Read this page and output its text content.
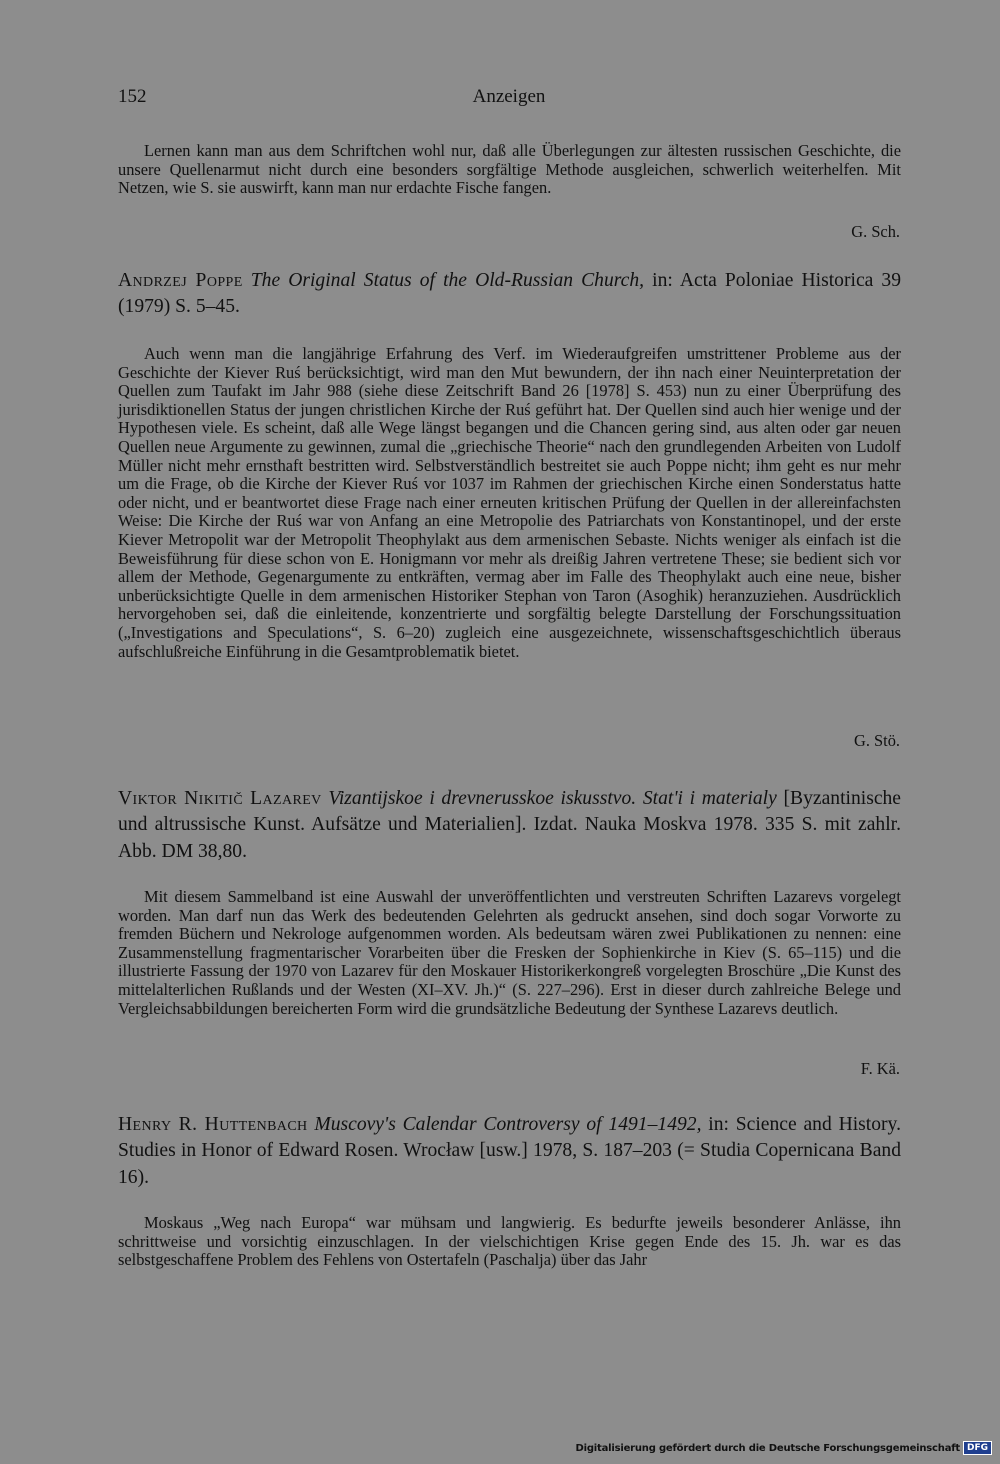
152	Anzeigen

Lernen kann man aus dem Schriftchen wohl nur, daß alle Überlegungen zur ältesten russischen Geschichte, die unsere Quellenarmut nicht durch eine besonders sorgfältige Methode ausgleichen, schwerlich weiterhelfen. Mit Netzen, wie S. sie auswirft, kann man nur erdachte Fische fangen.

G. Sch.

Andrzej Poppe The Original Status of the Old-Russian Church, in: Acta Poloniae Historica 39 (1979) S. 5–45.

Auch wenn man die langjährige Erfahrung des Verf. im Wiederaufgreifen umstrittener Probleme aus der Geschichte der Kiever Ruś berücksichtigt, wird man den Mut bewundern, der ihn nach einer Neuinterpretation der Quellen zum Taufakt im Jahr 988 (siehe diese Zeitschrift Band 26 [1978] S. 453) nun zu einer Überprüfung des jurisdiktionellen Status der jungen christlichen Kirche der Ruś geführt hat. Der Quellen sind auch hier wenige und der Hypothesen viele. Es scheint, daß alle Wege längst begangen und die Chancen gering sind, aus alten oder gar neuen Quellen neue Argumente zu gewinnen, zumal die „griechische Theorie“ nach den grundlegenden Arbeiten von Ludolf Müller nicht mehr ernsthaft bestritten wird. Selbstverständlich bestreitet sie auch Poppe nicht; ihm geht es nur mehr um die Frage, ob die Kirche der Kiever Ruś vor 1037 im Rahmen der griechischen Kirche einen Sonderstatus hatte oder nicht, und er beantwortet diese Frage nach einer erneuten kritischen Prüfung der Quellen in der allereinfachsten Weise: Die Kirche der Ruś war von Anfang an eine Metropolie des Patriarchats von Konstantinopel, und der erste Kiever Metropolit war der Metropolit Theophylakt aus dem armenischen Sebaste. Nichts weniger als einfach ist die Beweisführung für diese schon von E. Honigmann vor mehr als dreißig Jahren vertretene These; sie bedient sich vor allem der Methode, Gegenargumente zu entkräften, vermag aber im Falle des Theophylakt auch eine neue, bisher unberücksichtigte Quelle in dem armenischen Historiker Stephan von Taron (Asoghik) heranzuziehen. Ausdrücklich hervorgehoben sei, daß die einleitende, konzentrierte und sorgfältig belegte Darstellung der Forschungssituation („Investigations and Speculations“, S. 6–20) zugleich eine ausgezeichnete, wissenschaftsgeschichtlich überaus aufschlußreiche Einführung in die Gesamtproblematik bietet.

G. Stö.

Viktor Nikitič Lazarev Vizantijskoe i drevnerusskoe iskusstvo. Stat'i i materialy [Byzantinische und altrussische Kunst. Aufsätze und Materialien]. Izdat. Nauka Moskva 1978. 335 S. mit zahlr. Abb. DM 38,80.

Mit diesem Sammelband ist eine Auswahl der unveröffentlichten und verstreuten Schriften Lazarevs vorgelegt worden. Man darf nun das Werk des bedeutenden Gelehrten als gedruckt ansehen, sind doch sogar Vorworte zu fremden Büchern und Nekrologe aufgenommen worden. Als bedeutsam wären zwei Publikationen zu nennen: eine Zusammenstellung fragmentarischer Vorarbeiten über die Fresken der Sophienkirche in Kiev (S. 65–115) und die illustrierte Fassung der 1970 von Lazarev für den Moskauer Historikerkongreß vorgelegten Broschüre „Die Kunst des mittelalterlichen Rußlands und der Westen (XI–XV. Jh.)“ (S. 227–296). Erst in dieser durch zahlreiche Belege und Vergleichsabbildungen bereicherten Form wird die grundsätzliche Bedeutung der Synthese Lazarevs deutlich.

F. Kä.

Henry R. Huttenbach Muscovy's Calendar Controversy of 1491–1492, in: Science and History. Studies in Honor of Edward Rosen. Wrocław [usw.] 1978, S. 187–203 (= Studia Copernicana Band 16).

Moskaus „Weg nach Europa“ war mühsam und langwierig. Es bedurfte jeweils besonderer Anlässe, ihn schrittweise und vorsichtig einzuschlagen. In der vielschichtigen Krise gegen Ende des 15. Jh. war es das selbstgeschaffene Problem des Fehlens von Ostertafeln (Paschalja) über das Jahr

Digitalisierung gefördert durch die Deutsche Forschungsgemeinschaft DFG
